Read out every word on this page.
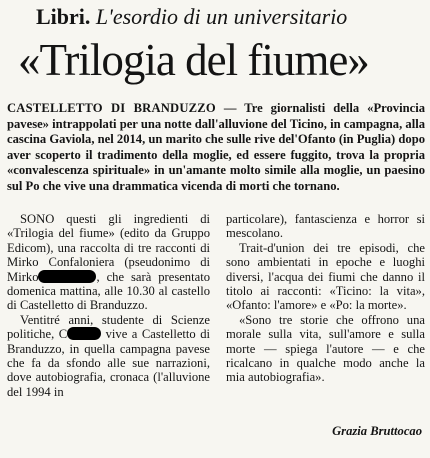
Libri. L'esordio di un universitario
«Trilogia del fiume»
CASTELLETTO DI BRANDUZZO — Tre giornalisti della «Provincia pavese» intrappolati per una notte dall'alluvione del Ticino, in campagna, alla cascina Gaviola, nel 2014, un marito che sulle rive del'Ofanto (in Puglia) dopo aver scoperto il tradimento della moglie, ed essere fuggito, trova la propria «convalescenza spirituale» in un'amante molto simile alla moglie, un paesino sul Po che vive una drammatica vicenda di morti che tornano.

SONO questi gli ingredienti di «Trilogia del fiume» (edito da Gruppo Edicom), una raccolta di tre racconti di Mirko Confaloniera (pseudonimo di Mirko	, che sarà presentato domenica mattina, alle 10.30 al castello di Castelletto di Branduzzo.

Ventitré anni, studente di Scienze politiche, C	vive a Castelletto di Branduzzo, in quella campagna pavese che fa da sfondo alle sue narrazioni, dove autobiografia, cronaca (l'alluvione del 1994 in

particolare), fantascienza e horror si mescolano.

Trait-d'union dei tre episodi, che sono ambientati in epoche e luoghi diversi, l'acqua dei fiumi che danno il titolo ai racconti: «Ticino: la vita», «Ofanto: l'amore» e «Po: la morte».

«Sono tre storie che offrono una morale sulla vita, sull'amore e sulla morte — spiega l'autore — e che ricalcano in qualche modo anche la mia autobiografia».

Grazia Bruttocao
